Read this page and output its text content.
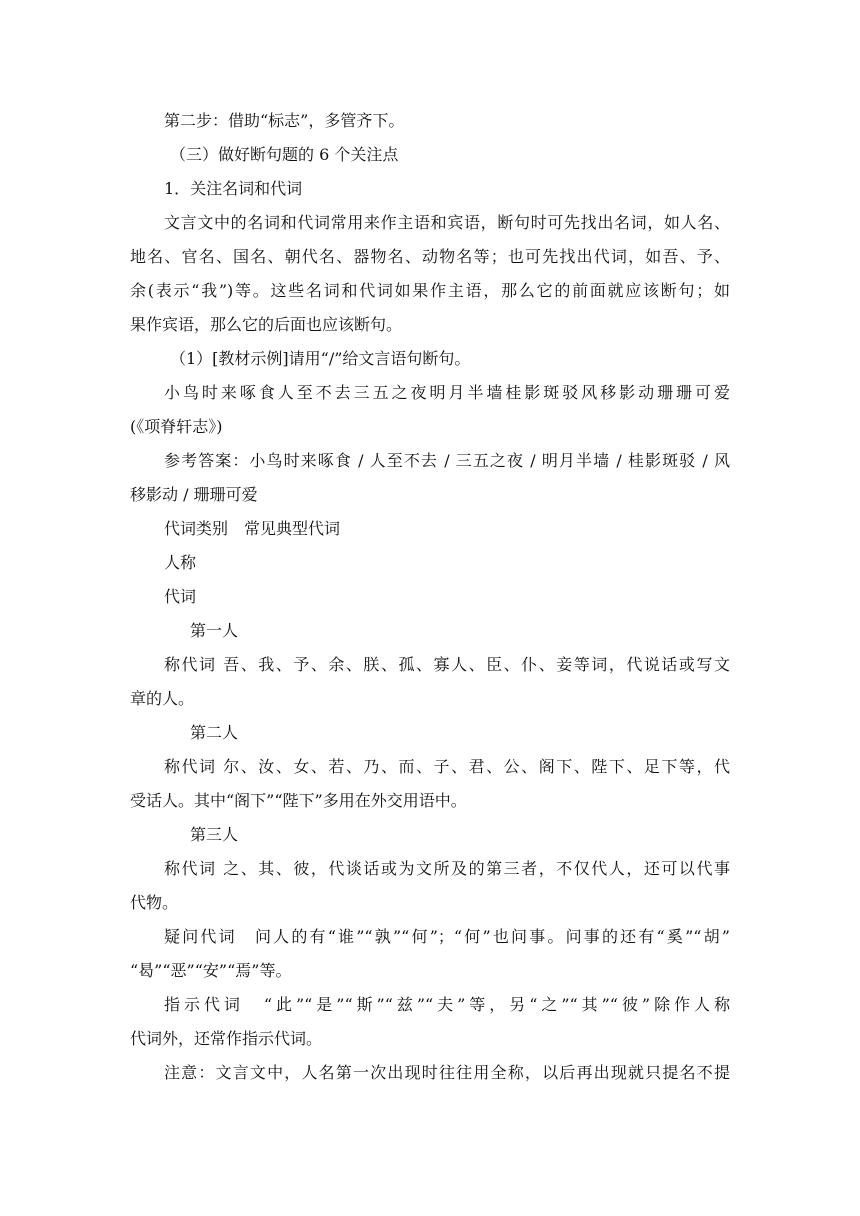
第二步：借助“标志”，多管齐下。
（三）做好断句题的 6 个关注点
1．关注名词和代词
文言文中的名词和代词常用来作主语和宾语，断句时可先找出名词，如人名、
地名、官名、国名、朝代名、器物名、动物名等；也可先找出代词，如吾、予、
余(表示“我”)等。这些名词和代词如果作主语，那么它的前面就应该断句；如
果作宾语，那么它的后面也应该断句。
（1）[教材示例]请用“/”给文言语句断句。
小鸟时来啄食人至不去三五之夜明月半墙桂影斑驳风移影动珊珊可爱
(《项脊轩志》)
参考答案：小鸟时来啄食 / 人至不去 / 三五之夜 / 明月半墙 / 桂影斑驳 / 风
移影动 / 珊珊可爱
代词类别　常见典型代词
人称
代词
第一人
称代词 吾、我、予、余、朕、孤、寡人、臣、仆、妾等词，代说话或写文
章的人。
第二人
称代词 尔、汝、女、若、乃、而、子、君、公、阁下、陛下、足下等，代
受话人。其中“阁下”“陛下”多用在外交用语中。
第三人
称代词 之、其、彼，代谈话或为文所及的第三者，不仅代人，还可以代事
代物。
疑问代词　问人的有“谁”“孰”“何”；“何”也问事。问事的还有“奚”“胡”
“曷”“恶”“安”“焉”等。
指示代词　“此”“是”“斯”“兹”“夫”等，另“之”“其”“彼”除作人称
代词外，还常作指示代词。
注意：文言文中，人名第一次出现时往往用全称，以后再出现就只提名不提
